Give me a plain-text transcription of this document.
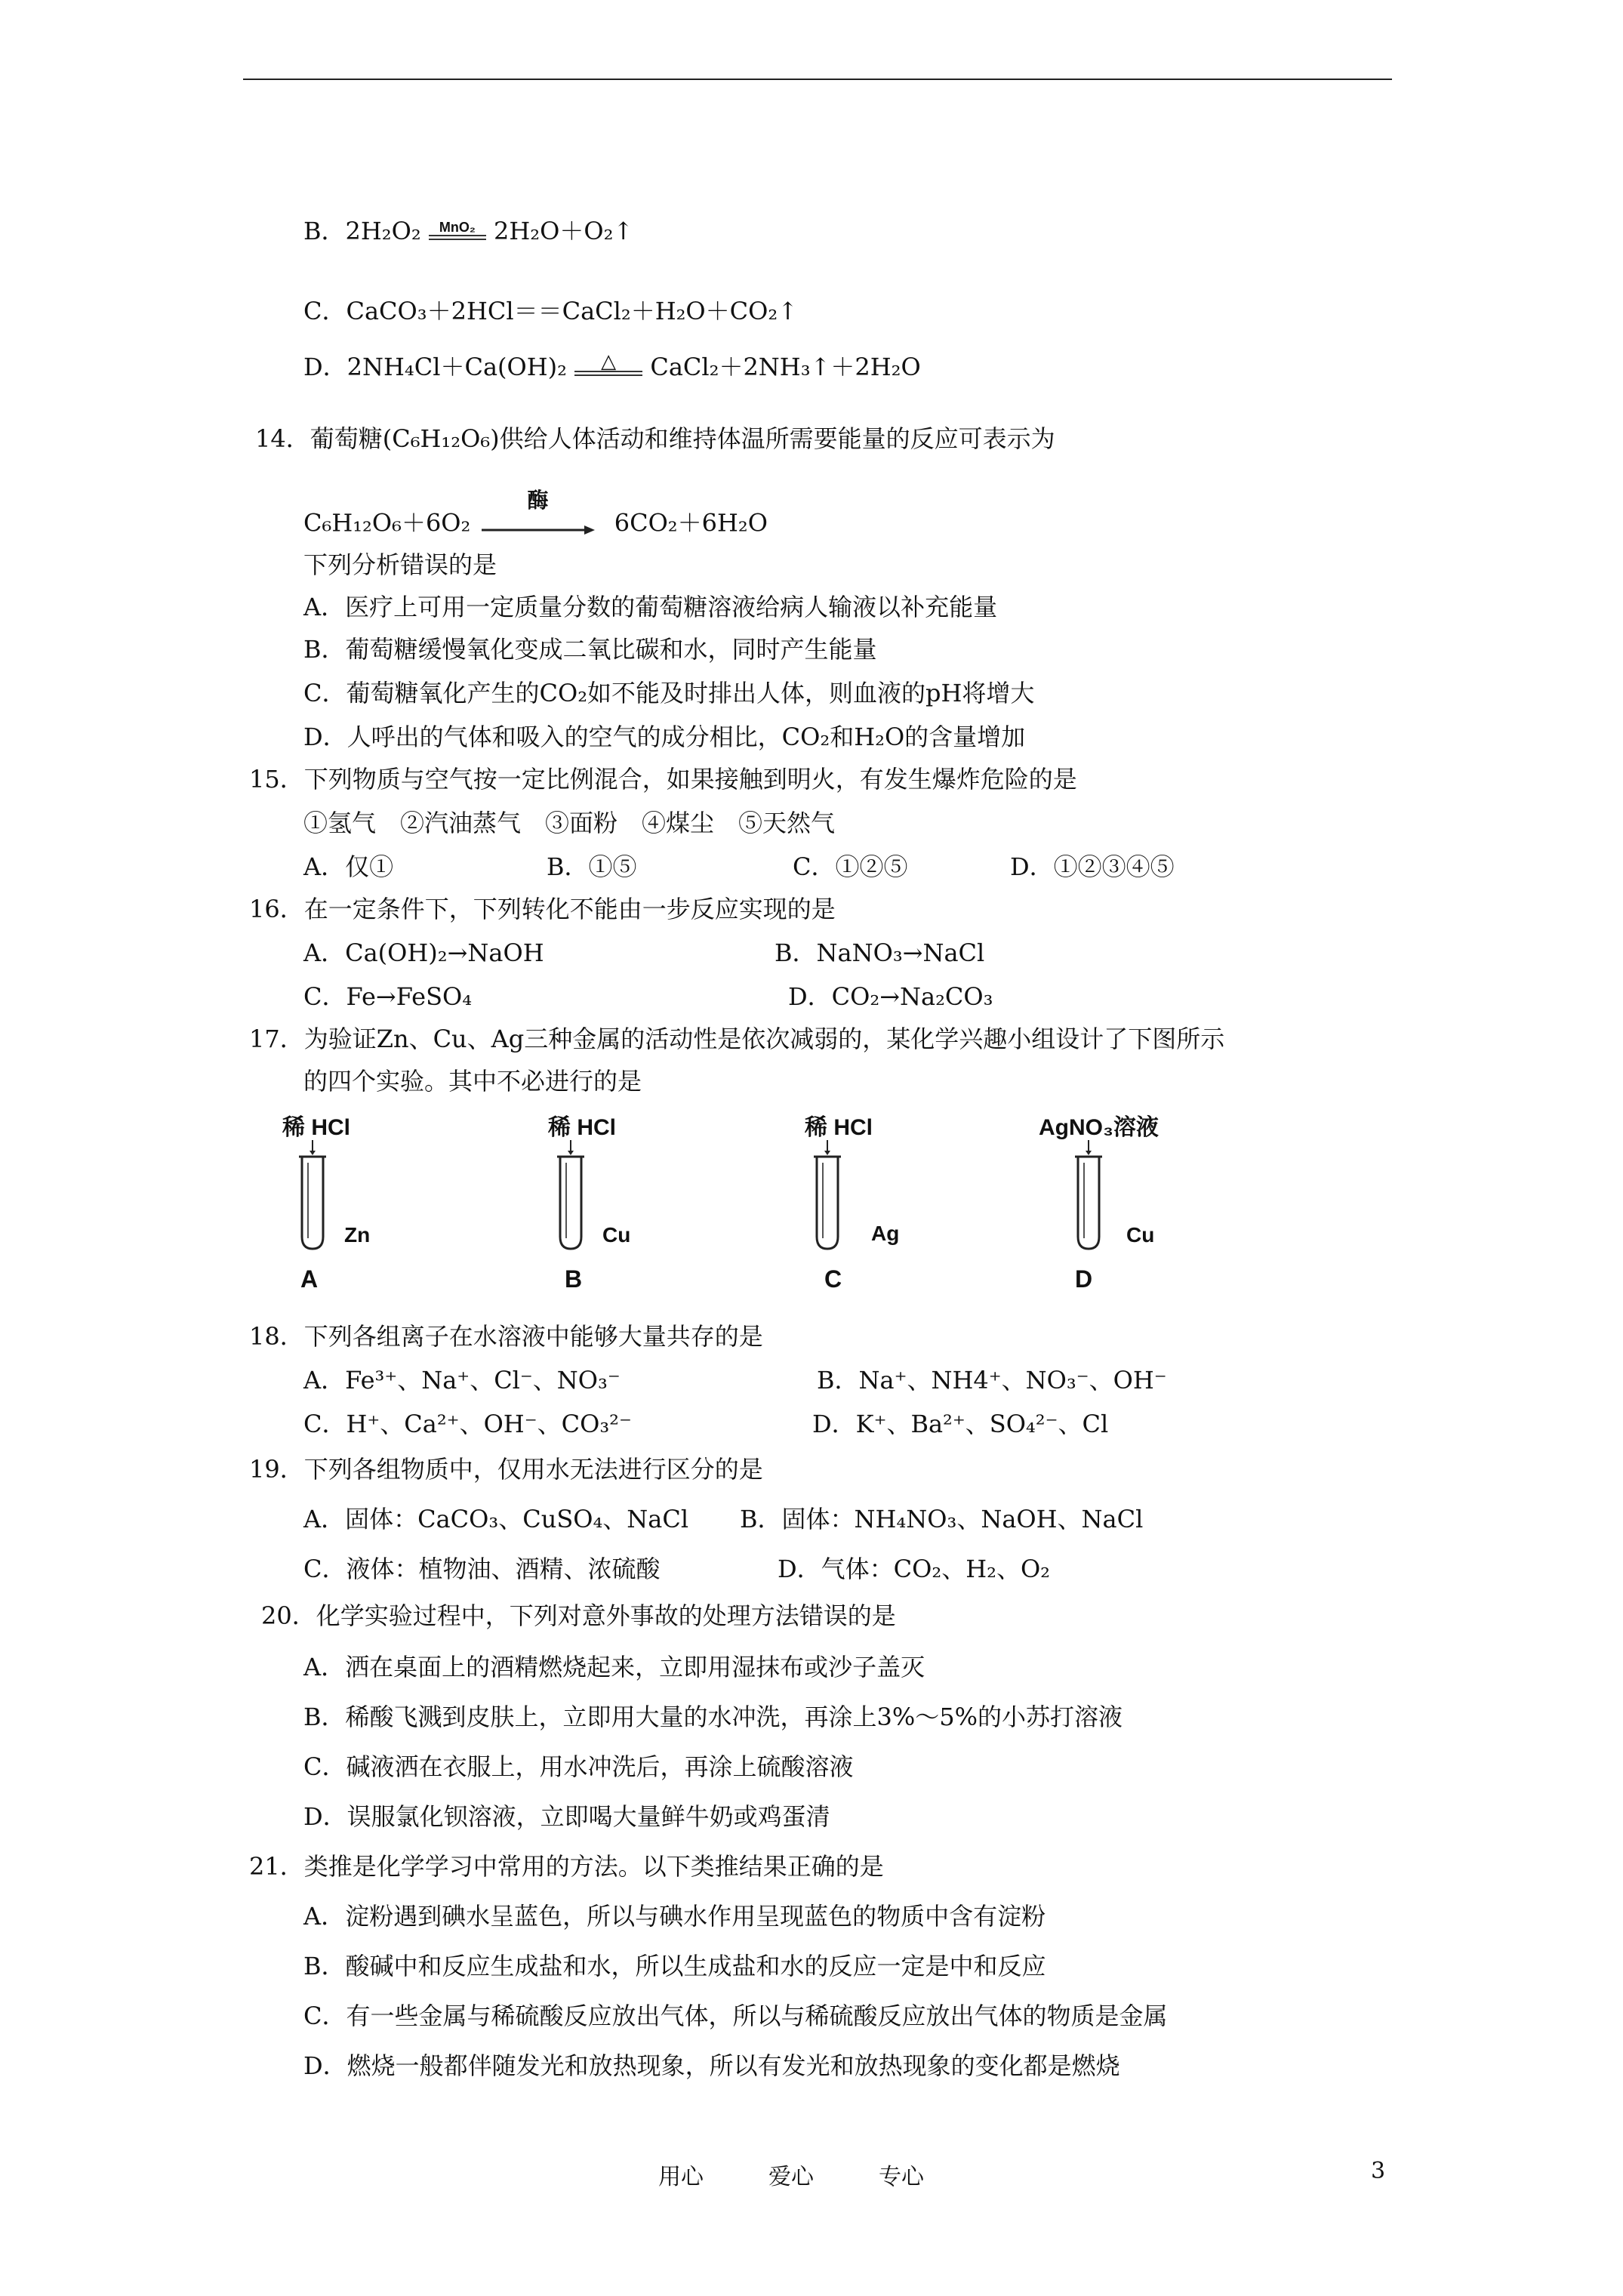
B．2H₂O₂	MnO₂ 2H₂O＋O₂↑
C．CaCO₃＋2HCl＝＝CaCl₂＋H₂O＋CO₂↑
D．2NH₄Cl＋Ca(OH)₂	△	CaCl₂＋2NH₃↑＋2H₂O
14．葡萄糖(C₆H₁₂O₆)供给人体活动和维持体温所需要能量的反应可表示为
C₆H₁₂O₆＋6O₂
酶
6CO₂＋6H₂O
下列分析错误的是
A．医疗上可用一定质量分数的葡萄糖溶液给病人输液以补充能量
B．葡萄糖缓慢氧化变成二氧比碳和水，同时产生能量
C．葡萄糖氧化产生的CO₂如不能及时排出人体，则血液的pH将增大
D．人呼出的气体和吸入的空气的成分相比，CO₂和H₂O的含量增加
15．下列物质与空气按一定比例混合，如果接触到明火，有发生爆炸危险的是
①氢气　②汽油蒸气　③面粉　④煤尘　⑤天然气
A．仅①	B．①⑤	C．①②⑤	D．①②③④⑤
16．在一定条件下，下列转化不能由一步反应实现的是
A．Ca(OH)₂→NaOH	B．NaNO₃→NaCl
C．Fe→FeSO₄	D．CO₂→Na₂CO₃
17．为验证Zn、Cu、Ag三种金属的活动性是依次减弱的，某化学兴趣小组设计了下图所示
的四个实验。其中不必进行的是
稀 HCl
Zn
A
稀 HCl
Cu
B
稀 HCl
Ag
C
AgNO₃溶液
Cu
D
18．下列各组离子在水溶液中能够大量共存的是
A．Fe³⁺、Na⁺、Cl⁻、NO₃⁻	B．Na⁺、NH4⁺、NO₃⁻、OH⁻
C．H⁺、Ca²⁺、OH⁻、CO₃²⁻	D．K⁺、Ba²⁺、SO₄²⁻、Cl
19．下列各组物质中，仅用水无法进行区分的是
A．固体：CaCO₃、CuSO₄、NaCl B．固体：NH₄NO₃、NaOH、NaCl
C．液体：植物油、酒精、浓硫酸	D．气体：CO₂、H₂、O₂
20．化学实验过程中，下列对意外事故的处理方法错误的是
A．洒在桌面上的酒精燃烧起来，立即用湿抹布或沙子盖灭
B．稀酸飞溅到皮肤上，立即用大量的水冲洗，再涂上3%～5%的小苏打溶液
C．碱液洒在衣服上，用水冲洗后，再涂上硫酸溶液
D．误服氯化钡溶液，立即喝大量鲜牛奶或鸡蛋清
21．类推是化学学习中常用的方法。以下类推结果正确的是
A．淀粉遇到碘水呈蓝色，所以与碘水作用呈现蓝色的物质中含有淀粉
B．酸碱中和反应生成盐和水，所以生成盐和水的反应一定是中和反应
C．有一些金属与稀硫酸反应放出气体，所以与稀硫酸反应放出气体的物质是金属
D．燃烧一般都伴随发光和放热现象，所以有发光和放热现象的变化都是燃烧
用心	爱心	专心	3
